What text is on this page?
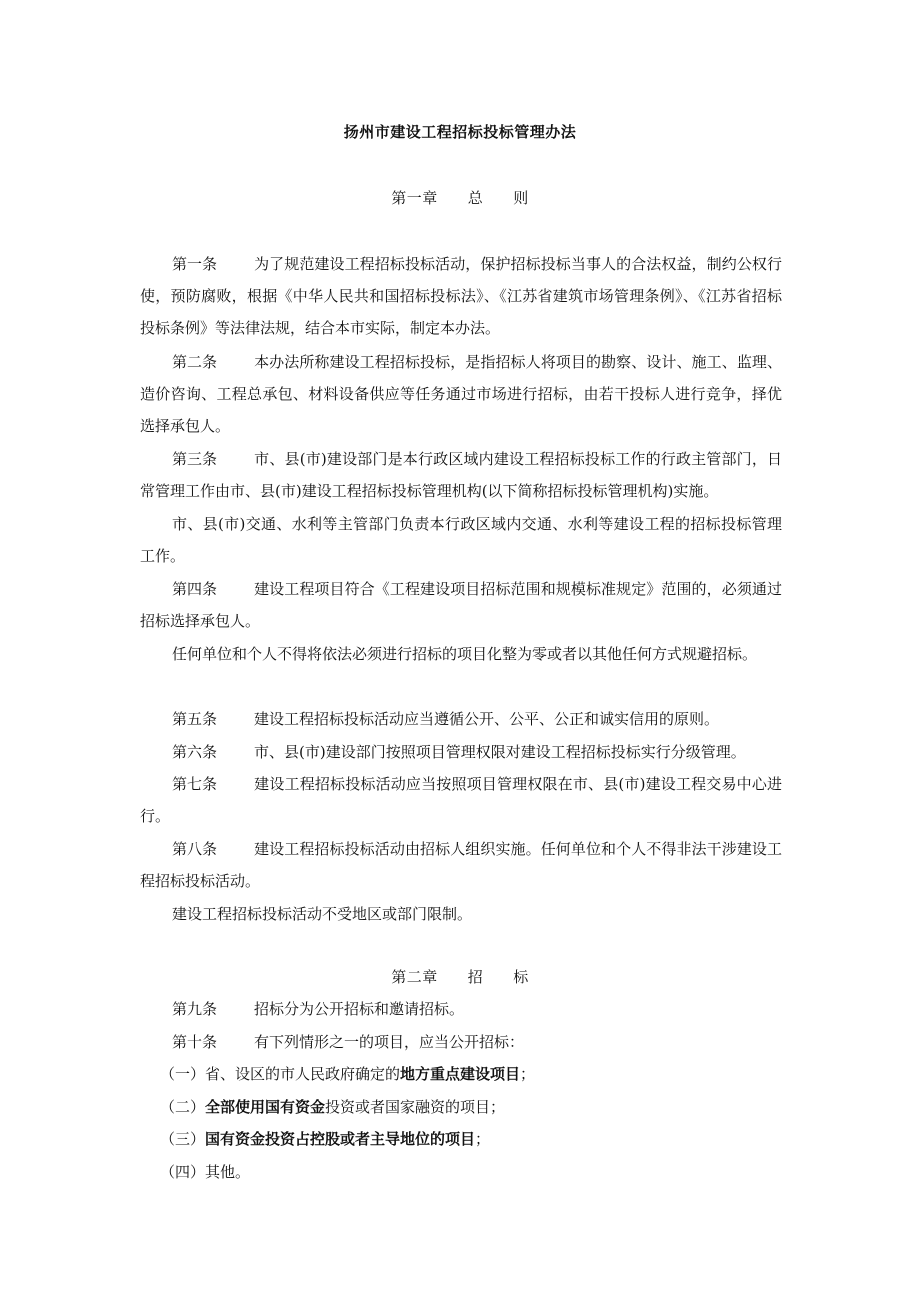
扬州市建设工程招标投标管理办法
第一章 总 则
第一条 为了规范建设工程招标投标活动，保护招标投标当事人的合法权益，制约公权行使，预防腐败，根据《中华人民共和国招标投标法》、《江苏省建筑市场管理条例》、《江苏省招标投标条例》等法律法规，结合本市实际，制定本办法。
第二条 本办法所称建设工程招标投标，是指招标人将项目的勘察、设计、施工、监理、造价咨询、工程总承包、材料设备供应等任务通过市场进行招标，由若干投标人进行竞争，择优选择承包人。
第三条 市、县(市)建设部门是本行政区域内建设工程招标投标工作的行政主管部门，日常管理工作由市、县(市)建设工程招标投标管理机构(以下简称招标投标管理机构)实施。
市、县(市)交通、水利等主管部门负责本行政区域内交通、水利等建设工程的招标投标管理工作。
第四条 建设工程项目符合《工程建设项目招标范围和规模标准规定》范围的，必须通过招标选择承包人。
任何单位和个人不得将依法必须进行招标的项目化整为零或者以其他任何方式规避招标。
第五条 建设工程招标投标活动应当遵循公开、公平、公正和诚实信用的原则。
第六条 市、县(市)建设部门按照项目管理权限对建设工程招标投标实行分级管理。
第七条 建设工程招标投标活动应当按照项目管理权限在市、县(市)建设工程交易中心进行。
第八条 建设工程招标投标活动由招标人组织实施。任何单位和个人不得非法干涉建设工程招标投标活动。
建设工程招标投标活动不受地区或部门限制。
第二章 招 标
第九条 招标分为公开招标和邀请招标。
第十条 有下列情形之一的项目，应当公开招标：
（一）省、设区的市人民政府确定的地方重点建设项目；
（二）全部使用国有资金投资或者国家融资的项目；
（三）国有资金投资占控股或者主导地位的项目；
（四）其他。
